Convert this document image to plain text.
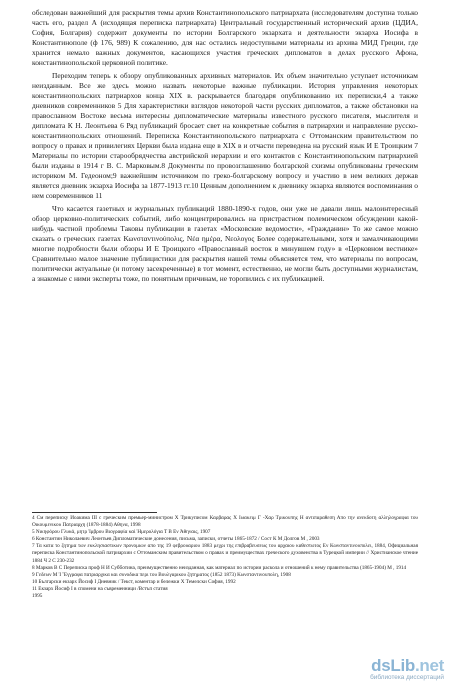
обследован важнейший для раскрытия темы архив Константинопольского патриархата (исследователям доступна только часть его, раздел А (исходящая переписка патриархата) Центральный государственный исторический архив (ЦДИА, София, Болгария) содержит документы по истории Болгарского экзархата и деятельности экзарха Иосифа в Константинополе (ф 176, 989) К сожалению, для нас остались недоступными материалы из архива МИД Греции, где хранится немало важных документов, касающихся участия греческих дипломатов в делах русского Афона, константинопольской церковной политике.

Переходим теперь к обзору опубликованных архивных материалов. Их объем значительно уступает источникам неизданным. Все же здесь можно назвать некоторые важные публикации. История управления некоторых константинопольских патриархов конца XIX в. раскрывается благодаря опубликованию их переписки,4 а также дневников современников 5 Для характеристики взглядов некоторой части русских дипломатов, а также обстановки на православном Востоке весьма интересны дипломатические материалы известного русского писателя, мыслителя и дипломата К Н. Леонтьева 6 Ряд публикаций бросает свет на конкретные события в патриархии и направление русско-константинопольских отношений. Переписка Константинопольского патриархата с Оттоманским правительством по вопросу о правах и привилегиях Церкви была издана еще в XIX в и отчасти переведена на русский язык И Е Троицким 7 Материалы по истории старообрядчества австрийской иерархии и его контактов с Константинопольским патриархией были изданы в 1914 г В. С. Марковым.8 Документы по провозглашению болгарской схизмы опубликованы греческим историком М. Гедеоном;9 важнейшим источником по греко-болгарскому вопросу и участию в нем великих держав является дневник экзарха Иосифа за 1877-1913 гг.10 Ценным дополнением к дневнику экзарха являются воспоминания о нем современников 11

Что касается газетных и журнальных публикаций 1880-1890-х годов, они уже не давали лишь малоинтересный обзор церковно-политических событий, либо концентрировались на пристрастном полемическом обсуждении какой-нибудь частной проблемы Таковы публикации в газетах «Московские ведомости», «Гражданин» То же самое можно сказать о греческих газетах Κωνσταντινούπολις, Νέα ημέρα, Νεολογος Более содержательными, хотя и замалчивающими многие подробности были обзоры И Е Троицкого «Православный восток в минувшем году» в «Церковном вестнике» Сравнительно малое значение публицистики для раскрытия нашей темы объясняется тем, что материалы по вопросам, политически актуальные (и потому засекреченные) в тот момент, естественно, не могли быть доступными журналистам, а знакомые с ними эксперты тоже, по понятным причинам, не торопились с их публикацией.

4 См переписку Иоакима III с греческим премьер-министром Х Трикуписом Καρβαρας Χ Ιωακειμ Γ -Χαρ Τρικουπης Η αντιπαραθεση Απο την ανεκδοτη αλληλογραφια του Οικουμενικου Πατριαρχη (1878-1884) Αθηνα, 1998

5 Νικηφόρου Γλυκά, μητρ Ἰμβρου Βιογραφία καὶ Ἡμερολόγια Τ Β Εν Ἀθηναις, 1907

6 Константин Николаевич Леонтьев Дипломатические донесения, письма, записки, отчеты 1865-1872 / Сост К М Долгов М , 2003

7 Τα κατα το ζητημα των εκκλησιαστικων προνομιων απο της 19 φεβρουαριου 1883 μεχρι της επιβραβευσεως του αρχαιου καθεστωτος Εν Κωνσταντινουπολει, 1884, Официальная переписка Константинопольской патриархии с Оттоманским правительством о правах и преимуществах греческого духовенства в Турецкой империи // Христианское чтение 1884 Ч 2 С 230-232

8 Марков В С Переписка проф Н И Субботина, преимущественно неизданная, как материал по истории раскола и отношений к нему правительства (1865-1904) М , 1914

9 Γεδεων Μ Ἰ Ἔγγραφα πατριαρχικα και συνοδικα περι του Βουλγαρικου ζητηματος (1852 1873) Κωνσταντινουπολη, 1908

10 Български екзарх Йосиф I Дневник / Текст, коментар и бележки Х Темелски София, 1992

11 Екзарх Йосиф I в спомени на съвременници /Встъп статия

1995

dsLib.net
библиотека диссертаций
